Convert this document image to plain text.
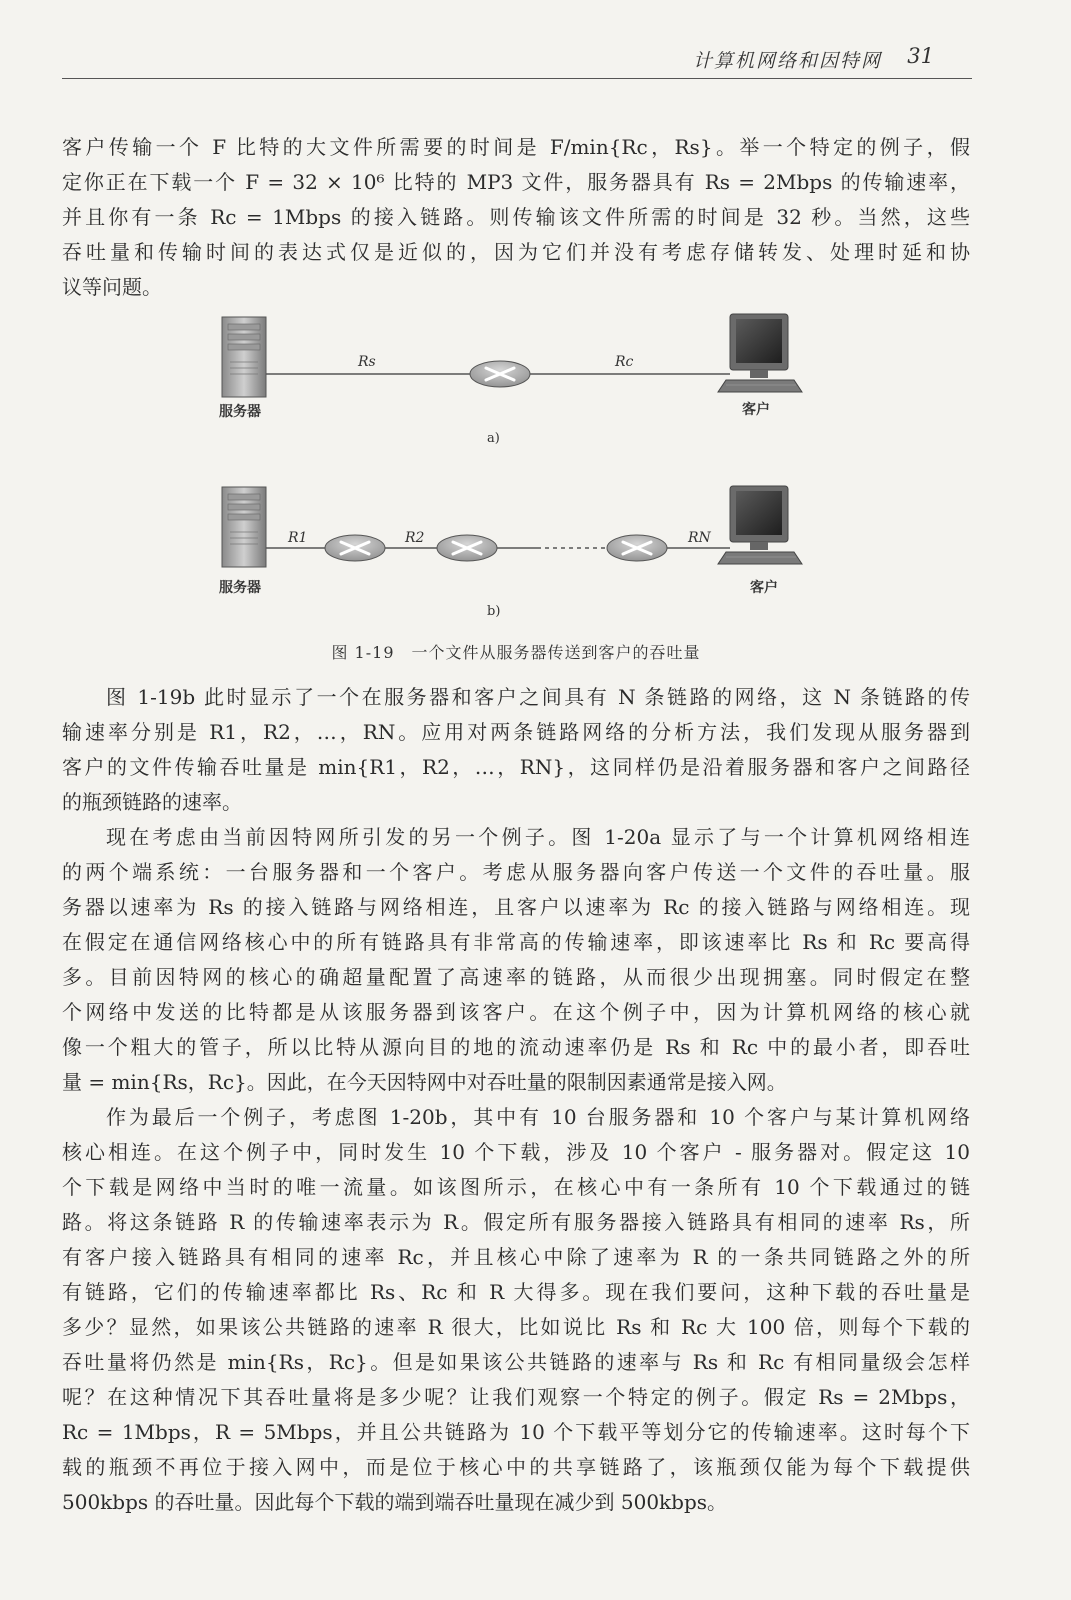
计算机网络和因特网 31
客户传输一个 F 比特的大文件所需要的时间是 F/min{Rc，Rs}。举一个特定的例子，假
定你正在下载一个 F = 32 × 10⁶ 比特的 MP3 文件，服务器具有 Rs = 2Mbps 的传输速率，
并且你有一条 Rc = 1Mbps 的接入链路。则传输该文件所需的时间是 32 秒。当然，这些
吞吐量和传输时间的表达式仅是近似的，因为它们并没有考虑存储转发、处理时延和协
议等问题。
Rs	Rc
服务器	客户
a)
R1	R2	RN
服务器	客户
b)
图 1-19　一个文件从服务器传送到客户的吞吐量
图 1-19b 此时显示了一个在服务器和客户之间具有 N 条链路的网络，这 N 条链路的传
输速率分别是 R1，R2，…，RN。应用对两条链路网络的分析方法，我们发现从服务器到
客户的文件传输吞吐量是 min{R1，R2，…，RN}，这同样仍是沿着服务器和客户之间路径
的瓶颈链路的速率。
现在考虑由当前因特网所引发的另一个例子。图 1-20a 显示了与一个计算机网络相连
的两个端系统：一台服务器和一个客户。考虑从服务器向客户传送一个文件的吞吐量。服
务器以速率为 Rs 的接入链路与网络相连，且客户以速率为 Rc 的接入链路与网络相连。现
在假定在通信网络核心中的所有链路具有非常高的传输速率，即该速率比 Rs 和 Rc 要高得
多。目前因特网的核心的确超量配置了高速率的链路，从而很少出现拥塞。同时假定在整
个网络中发送的比特都是从该服务器到该客户。在这个例子中，因为计算机网络的核心就
像一个粗大的管子，所以比特从源向目的地的流动速率仍是 Rs 和 Rc 中的最小者，即吞吐
量 = min{Rs，Rc}。因此，在今天因特网中对吞吐量的限制因素通常是接入网。
作为最后一个例子，考虑图 1-20b，其中有 10 台服务器和 10 个客户与某计算机网络
核心相连。在这个例子中，同时发生 10 个下载，涉及 10 个客户 - 服务器对。假定这 10
个下载是网络中当时的唯一流量。如该图所示，在核心中有一条所有 10 个下载通过的链
路。将这条链路 R 的传输速率表示为 R。假定所有服务器接入链路具有相同的速率 Rs，所
有客户接入链路具有相同的速率 Rc，并且核心中除了速率为 R 的一条共同链路之外的所
有链路，它们的传输速率都比 Rs、Rc 和 R 大得多。现在我们要问，这种下载的吞吐量是
多少？显然，如果该公共链路的速率 R 很大，比如说比 Rs 和 Rc 大 100 倍，则每个下载的
吞吐量将仍然是 min{Rs，Rc}。但是如果该公共链路的速率与 Rs 和 Rc 有相同量级会怎样
呢？在这种情况下其吞吐量将是多少呢？让我们观察一个特定的例子。假定 Rs = 2Mbps，
Rc = 1Mbps，R = 5Mbps，并且公共链路为 10 个下载平等划分它的传输速率。这时每个下
载的瓶颈不再位于接入网中，而是位于核心中的共享链路了，该瓶颈仅能为每个下载提供
500kbps 的吞吐量。因此每个下载的端到端吞吐量现在减少到 500kbps。
